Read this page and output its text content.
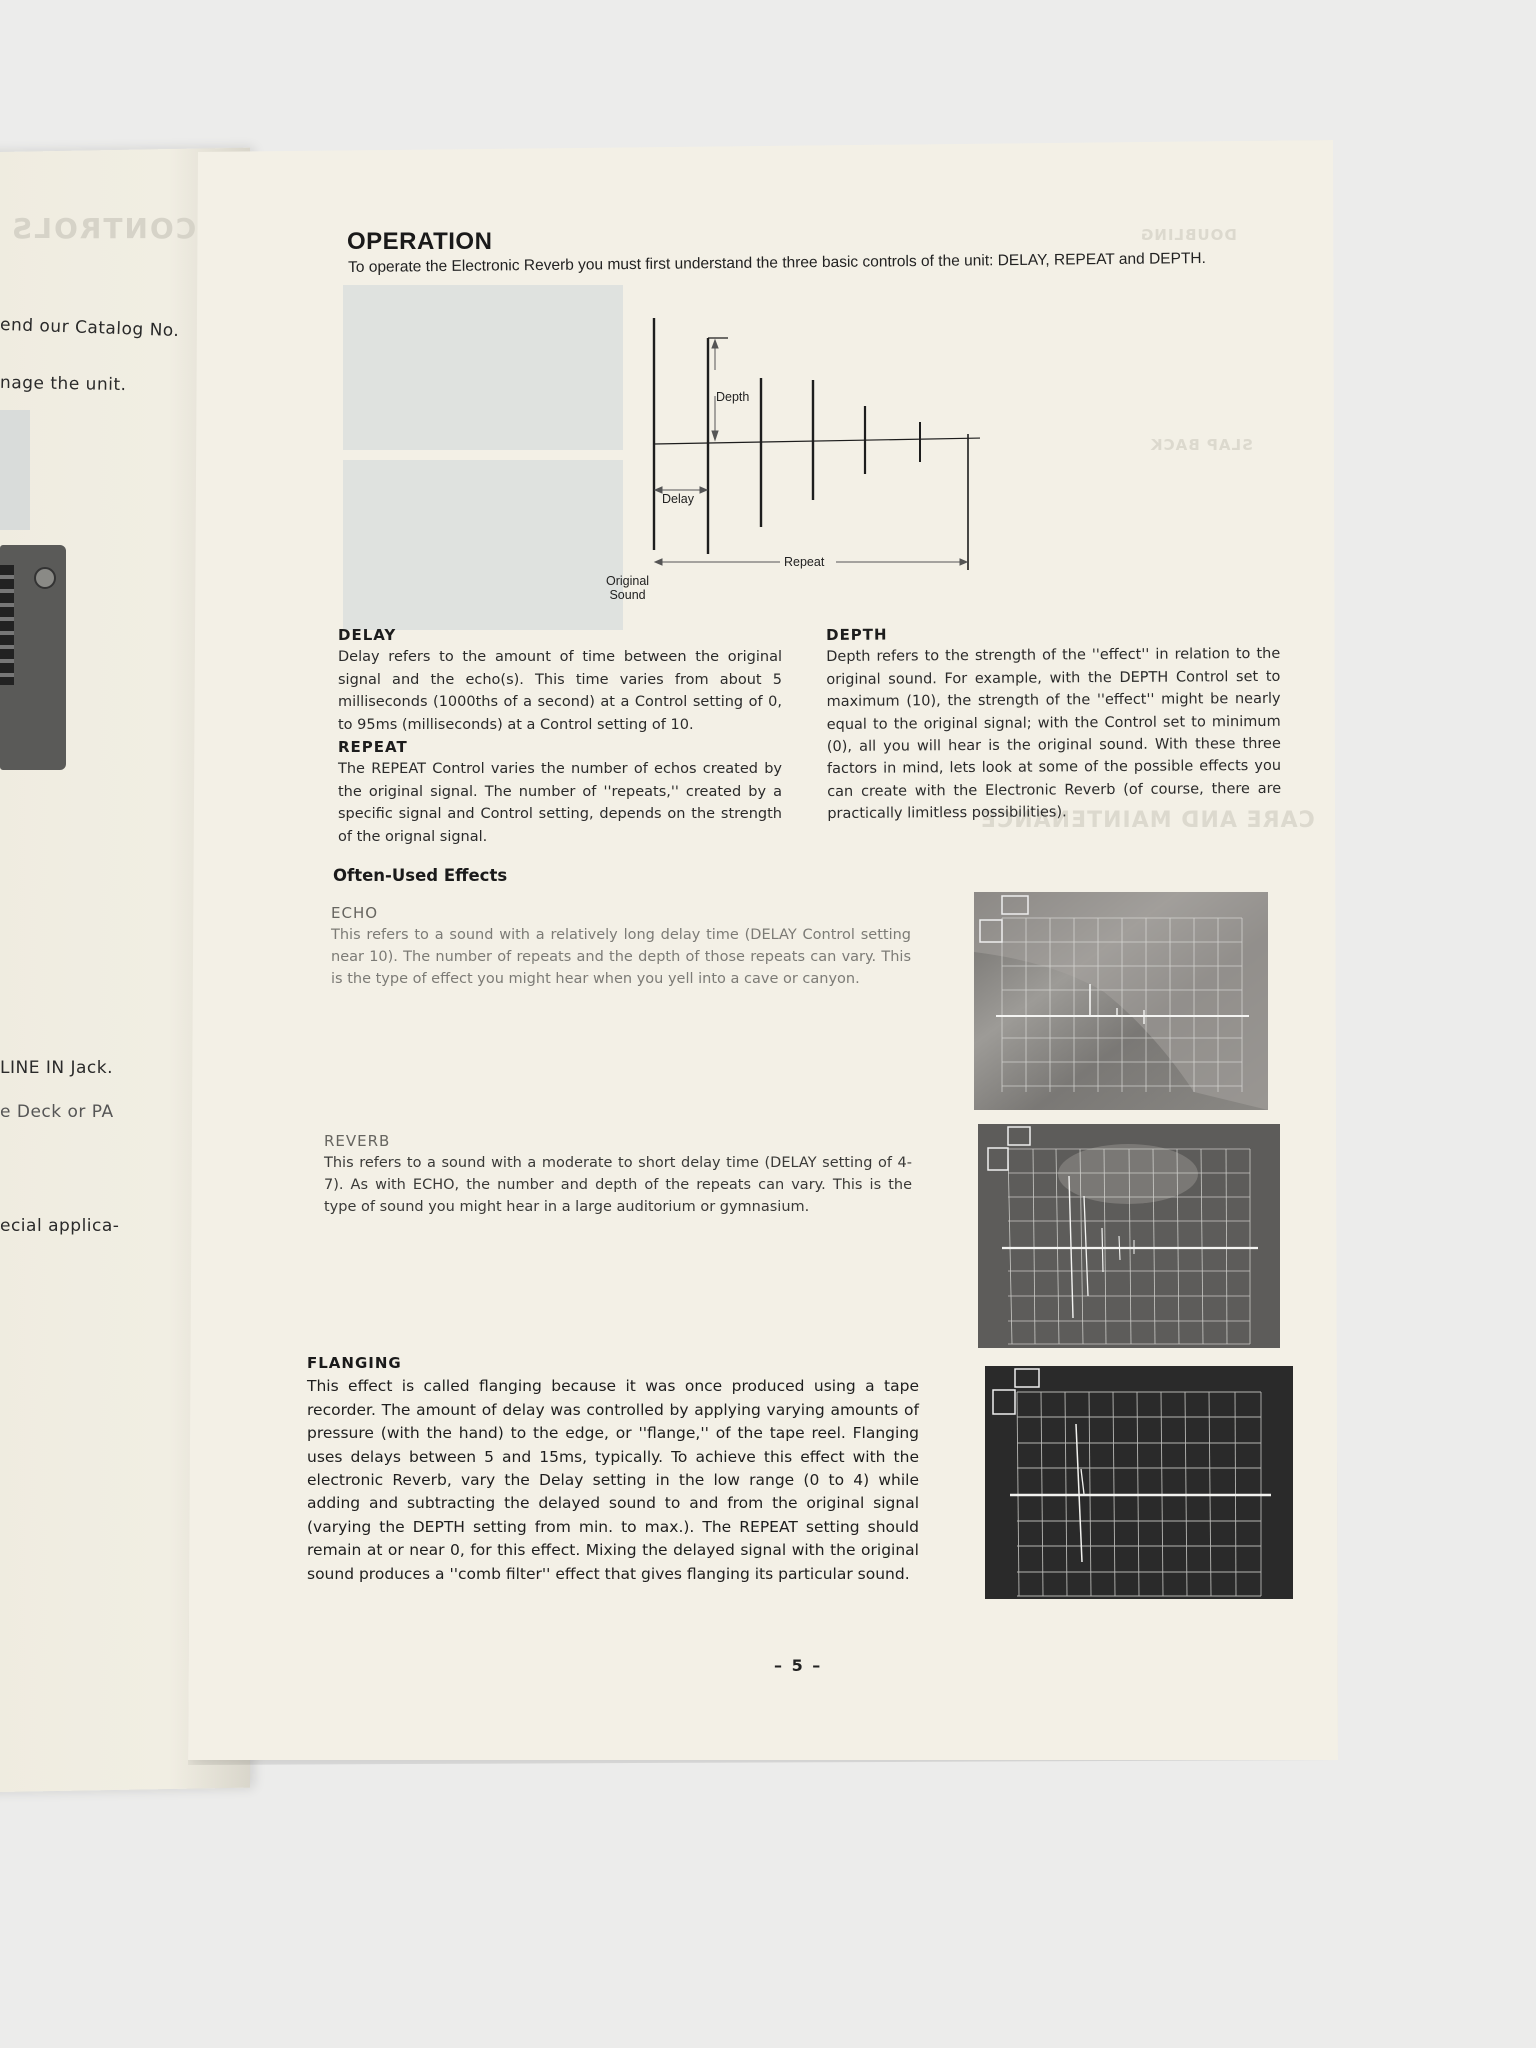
CONTROLS
end our Catalog No.
nage the unit.
LINE IN Jack.
e Deck or PA
ecial applica-
DOUBLING
SLAP BACK
CARE AND MAINTENANCE
OPERATION
To operate the Electronic Reverb you must first understand the three basic controls of the unit: DELAY, REPEAT and DEPTH.
Depth
Delay
Repeat
Original
Sound
DELAY

Delay refers to the amount of time between the original signal and the echo(s). This time varies from about 5 milliseconds (1000ths of a second) at a Control setting of 0, to 95ms (milliseconds) at a Control setting of 10.

REPEAT

The REPEAT Control varies the number of echos created by the original signal. The number of ''repeats,'' created by a specific signal and Control setting, depends on the strength of the orignal signal.

DEPTH

Depth refers to the strength of the ''effect'' in relation to the original sound. For example, with the DEPTH Control set to maximum (10), the strength of the ''effect'' might be nearly equal to the original signal; with the Control set to minimum (0), all you will hear is the original sound. With these three factors in mind, lets look at some of the possible effects you can create with the Electronic Reverb (of course, there are practically limitless possibilities).

Often-Used Effects
ECHO

This refers to a sound with a relatively long delay time (DELAY Control setting near 10). The number of repeats and the depth of those repeats can vary. This is the type of effect you might hear when you yell into a cave or canyon.

REVERB

This refers to a sound with a moderate to short delay time (DELAY setting of 4-7). As with ECHO, the number and depth of the repeats can vary. This is the type of sound you might hear in a large auditorium or gymnasium.

FLANGING

This effect is called flanging because it was once produced using a tape recorder. The amount of delay was controlled by applying varying amounts of pressure (with the hand) to the edge, or ''flange,'' of the tape reel. Flanging uses delays between 5 and 15ms, typically. To achieve this effect with the electronic Reverb, vary the Delay setting in the low range (0 to 4) while adding and subtracting the delayed sound to and from the original signal (varying the DEPTH setting from min. to max.). The REPEAT setting should remain at or near 0, for this effect. Mixing the delayed signal with the original sound produces a ''comb filter'' effect that gives flanging its particular sound.

– 5 –
